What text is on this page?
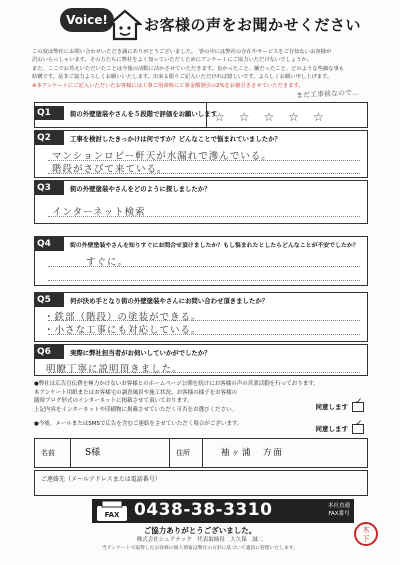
Voice!	お客様の声をお聞かせください
この度は弊社にお問い合わせいただき誠にありがとうございました。　皆の中には弊社の存在やサービスをご存知ないお客様が
沢山いらっしゃいます。その方たちに弊社をよく知っていただくためにアンケートにご協力いただけないでしょうか。
また、ここでお答えいただいたことは今後の活動に活かさせていただきます。良かったこと、嫌だったこと、どのような些細な事も
結構です。是非ご協力よろしくお願いいたします。出来る限りご記入いただければ嬉しいです。よろしくお願い申し上げます。
※本アンケートにご記入いただいたお客様には工事ご用命時に工事金額割引の2%をお値引きさせていただきます。
まだ工事前なので…
Q1	街の外壁塗装やさんを５段階で評価をお願いします
☆☆☆☆☆
Q2	工事を検討したきっかけは何ですか？どんなことで悩まれていましたか？
マンションロビー軒天が水漏れで滲んでいる。
階段がさびて来ている。
Q3	街の外壁塗装やさんをどのように探しましたか？
インターネット検索
Q4	街の外壁塗装やさんを知りすぐにお問合せ頂けましたか？もし悩まれたとしたらどんなことが不安でしたか？
すぐに。
Q5	何が決め手となり街の外壁塗装やさんにお問い合わせ頂きましたか？
・鉄部（階段）の塗装ができる。
・小さな工事にも対応している。
Q6	実際に弊社担当者がお伺いしていかがでしたか？
明瞭丁寧に説明頂きました。
●弊社は広告宣伝費を極力かけないお客様とのホームページ公開を続けにお客様の声の営業活動を行っております。
本アンケート用紙またはお客様宅の調査風景や施工状況、お客様の様子をお客様の
随時ブログ形式のインターネットに掲載させて頂いております。
上記内容をインターネットや印刷物に掲載させていただく可否をお選びください。
●今後、メールまたはSMSで広告を含むご連絡をさせていただく場合がございます。
同意します ✓
同意します ✓
名前	S様	住所	袖ヶ浦　方面
ご連絡先（メールアドレスまたは電話番号）
0438-38-3310	本社直通
FAX番号
FAX
ご協力ありがとうございました。
株式会社シェアテック　代表取締役　大久保　誠二
当アンケートで取得したお客様の個人情報は弊社の方針に基づいて適切に管理いたします。
木
下
